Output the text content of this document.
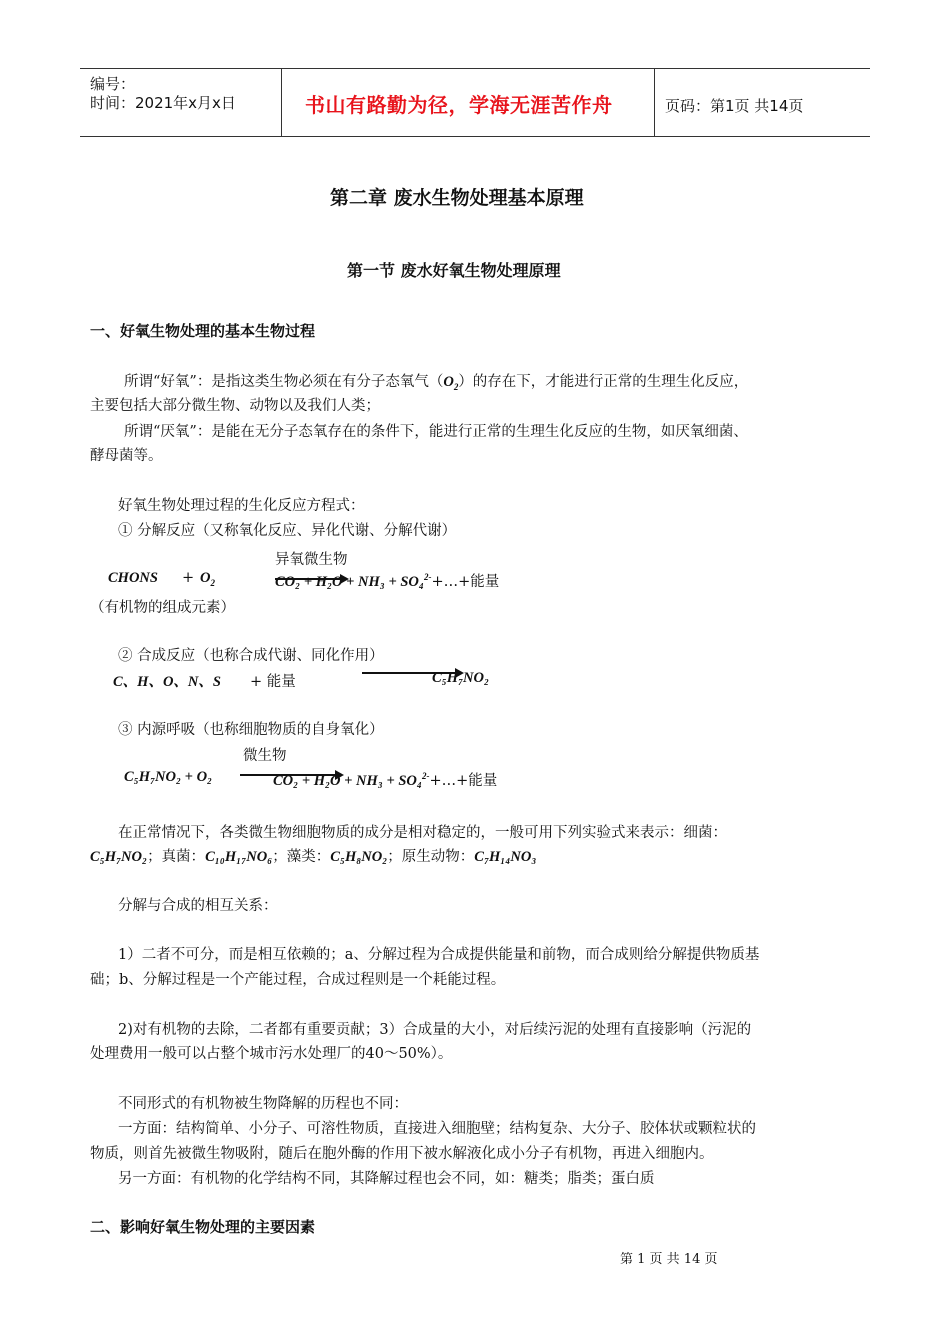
编号：
时间：2021年x月x日	书山有路勤为径，学海无涯苦作舟	页码：第1页 共14页
第二章 废水生物处理基本原理
第一节 废水好氧生物处理原理
一、好氧生物处理的基本生物过程
所谓“好氧”：是指这类生物必须在有分子态氧气$(O_2)$的存在下，才能进行正常的生理生化反应，
主要包括大部分微生物、动物以及我们人类；
所谓“厌氧”：是能在无分子态氧存在的条件下，能进行正常的生理生化反应的生物，如厌氧细菌、
酵母菌等。
好氧生物处理过程的生化反应方程式：
① 分解反应（又称氧化反应、异化代谢、分解代谢）
异氧微生物
CHONS + $O_2$	CO₂ + H₂O + NH₃ + SO₄$^{2-}$+…+能量
（有机物的组成元素）
② 合成反应（也称合成代谢、同化作用）
C、H、O、N、S + 能量	C₅H₇NO₂
③ 内源呼吸（也称细胞物质的自身氧化）
微生物
C₅H₇NO₂ + O₂	CO₂ + H₂O + NH₃ + SO₄$^{2-}$+…+能量
在正常情况下，各类微生物细胞物质的成分是相对稳定的，一般可用下列实验式来表示：细菌：
C₅H₇NO₂；真菌：C₁₀H₁₇NO₆；藻类：C₅H₈NO₂；原生动物：C₇H₁₄NO₃
分解与合成的相互关系：
1）二者不可分，而是相互依赖的；a、分解过程为合成提供能量和前物，而合成则给分解提供物质基
础；b、分解过程是一个产能过程，合成过程则是一个耗能过程。
2)对有机物的去除，二者都有重要贡献；3）合成量的大小，对后续污泥的处理有直接影响（污泥的
处理费用一般可以占整个城市污水处理厂的40～50%）。
不同形式的有机物被生物降解的历程也不同：
一方面：结构简单、小分子、可溶性物质，直接进入细胞壁；结构复杂、大分子、胶体状或颗粒状的
物质，则首先被微生物吸附，随后在胞外酶的作用下被水解液化成小分子有机物，再进入细胞内。
另一方面：有机物的化学结构不同，其降解过程也会不同，如：糖类；脂类；蛋白质
二、影响好氧生物处理的主要因素
第 1 页 共 14 页
